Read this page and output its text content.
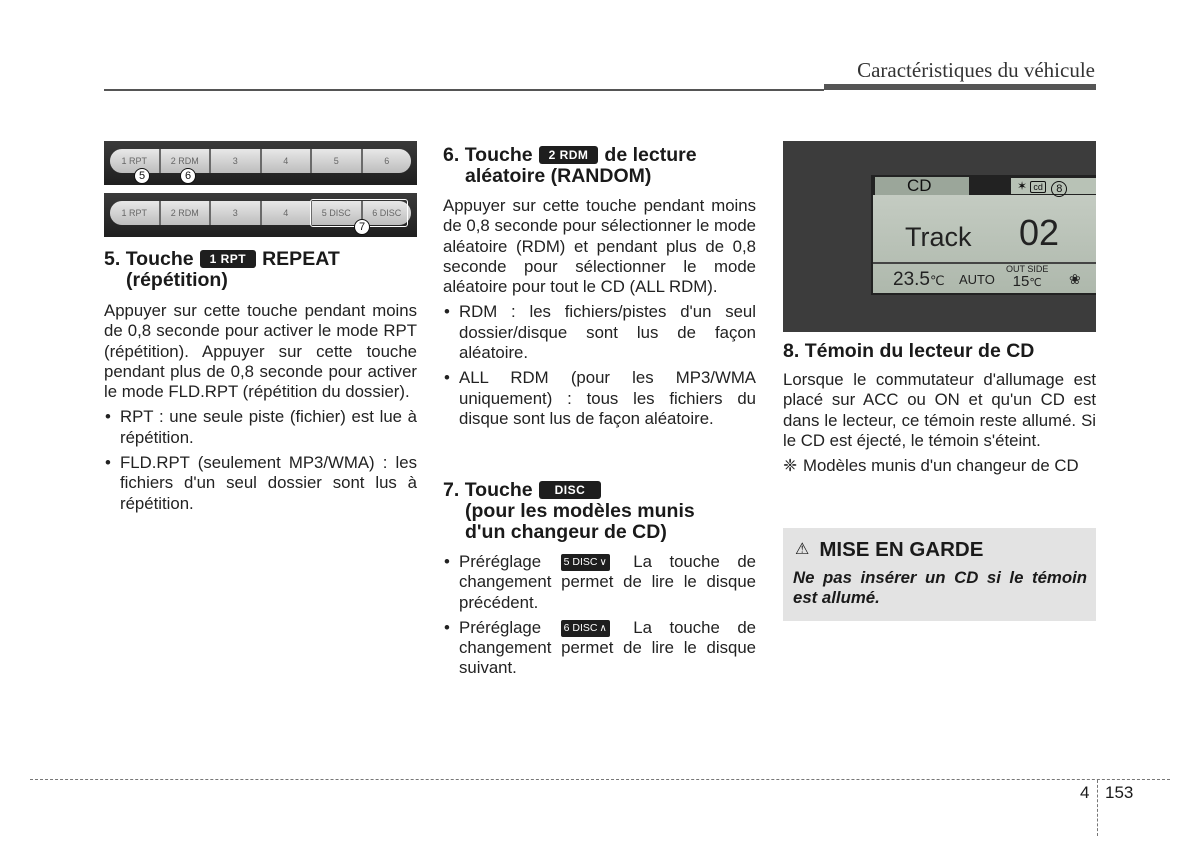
Caractéristiques du véhicule
1 RPT	2 RDM	3	4	5	6
5	6
1 RPT	2 RDM	3	4	5 DISC	6 DISC
7
5. Touche 1 RPT REPEAT
(répétition)
Appuyer sur cette touche pendant moins de 0,8 seconde pour activer le mode RPT (répétition). Appuyer sur cette touche pendant plus de 0,8 seconde pour activer le mode FLD.RPT (répétition du dossier).
• RPT : une seule piste (fichier) est lue à répétition.
• FLD.RPT (seulement MP3/WMA) : les fichiers d'un seul dossier sont lus à répétition.
6. Touche 2 RDM de lecture
aléatoire (RANDOM)
Appuyer sur cette touche pendant moins de 0,8 seconde pour sélectionner le mode aléatoire (RDM) et pendant plus de 0,8 seconde pour sélectionner le mode aléatoire pour tout le CD (ALL RDM).
• RDM : les fichiers/pistes d'un seul dossier/disque sont lus de façon aléatoire.
• ALL RDM (pour les MP3/WMA uniquement) : tous les fichiers du disque sont lus de façon aléatoire.
7. Touche DISC
(pour les modèles munis
d'un changeur de CD)
• Préréglage 5 DISC ∨ La touche de changement permet de lire le disque précédent.
• Préréglage 6 DISC ∧ La touche de changement permet de lire le disque suivant.
CD	✶ cd 8
Track 02
23.5℃ AUTO
OUT SIDE
15℃	❀
8. Témoin du lecteur de CD
Lorsque le commutateur d'allumage est placé sur ACC ou ON et qu'un CD est dans le lecteur, ce témoin reste allumé. Si le CD est éjecté, le témoin s'éteint.
❈ Modèles munis d'un changeur de CD
⚠ MISE EN GARDE
Ne pas insérer un CD si le témoin est allumé.
4 153
